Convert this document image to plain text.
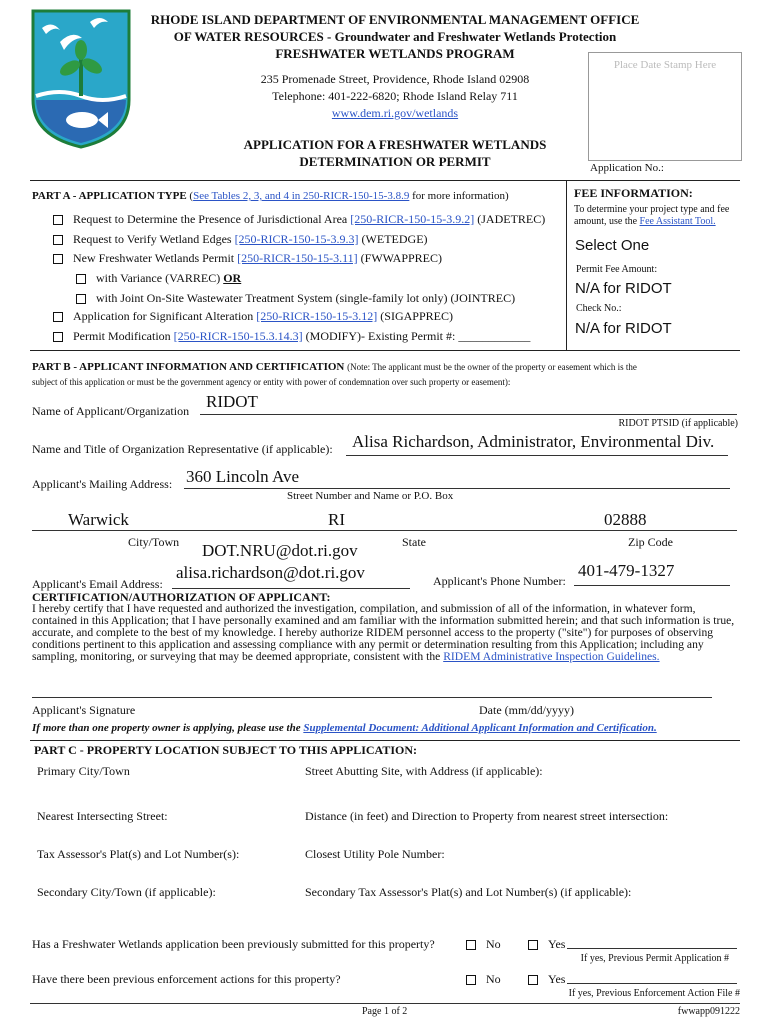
RHODE ISLAND DEPARTMENT OF ENVIRONMENTAL MANAGEMENT OFFICE
OF WATER RESOURCES - Groundwater and Freshwater Wetlands Protection
FRESHWATER WETLANDS PROGRAM
235 Promenade Street, Providence, Rhode Island 02908
Telephone: 401-222-6820; Rhode Island Relay 711
www.dem.ri.gov/wetlands
APPLICATION FOR A FRESHWATER WETLANDS
DETERMINATION OR PERMIT
Place Date Stamp Here
Application No.:
PART A - APPLICATION TYPE (See Tables 2, 3, and 4 in 250-RICR-150-15-3.8.9 for more information)
Request to Determine the Presence of Jurisdictional Area [250-RICR-150-15-3.9.2] (JADETREC)
Request to Verify Wetland Edges [250-RICR-150-15-3.9.3] (WETEDGE)
New Freshwater Wetlands Permit [250-RICR-150-15-3.11] (FWWAPPREC)
with Variance (VARREC) OR
with Joint On-Site Wastewater Treatment System (single-family lot only) (JOINTREC)
Application for Significant Alteration [250-RICR-150-15-3.12] (SIGAPPREC)
Permit Modification [250-RICR-150-15.3.14.3] (MODIFY)- Existing Permit #: ____________
FEE INFORMATION:
To determine your project type and fee
amount, use the Fee Assistant Tool.
Select One
Permit Fee Amount:
N/A for RIDOT
Check No.:
N/A for RIDOT
PART B - APPLICANT INFORMATION AND CERTIFICATION (Note: The applicant must be the owner of the property or easement which is the
subject of this application or must be the government agency or entity with power of condemnation over such property or easement):
Name of Applicant/Organization RIDOT
RIDOT PTSID (if applicable)
Name and Title of Organization Representative (if applicable): Alisa Richardson, Administrator, Environmental Div.
Applicant's Mailing Address: 360 Lincoln Ave
Street Number and Name or P.O. Box
Warwick	RI	02888
City/Town	State	Zip Code
DOT.NRU@dot.ri.gov
alisa.richardson@dot.ri.gov
Applicant's Email Address:	Applicant's Phone Number:
401-479-1327
CERTIFICATION/AUTHORIZATION OF APPLICANT:
I hereby certify that I have requested and authorized the investigation, compilation, and submission of all of the information, in whatever form, contained in this Application; that I have personally examined and am familiar with the information submitted herein; and that such information is true, accurate, and complete to the best of my knowledge. I hereby authorize RIDEM personnel access to the property ("site") for purposes of observing conditions pertinent to this application and assessing compliance with any permit or determination resulting from this Application; including any sampling, monitoring, or surveying that may be deemed appropriate, consistent with the RIDEM Administrative Inspection Guidelines.
Applicant's Signature	Date (mm/dd/yyyy)
If more than one property owner is applying, please use the Supplemental Document: Additional Applicant Information and Certification.
PART C - PROPERTY LOCATION SUBJECT TO THIS APPLICATION:
Primary City/Town	Street Abutting Site, with Address (if applicable):
Nearest Intersecting Street:	Distance (in feet) and Direction to Property from nearest street intersection:
Tax Assessor's Plat(s) and Lot Number(s):	Closest Utility Pole Number:
Secondary City/Town (if applicable):	Secondary Tax Assessor's Plat(s) and Lot Number(s) (if applicable):
Has a Freshwater Wetlands application been previously submitted for this property?	No	Yes
If yes, Previous Permit Application #
Have there been previous enforcement actions for this property?	No	Yes
If yes, Previous Enforcement Action File #
Page 1 of 2	fwwapp091222
